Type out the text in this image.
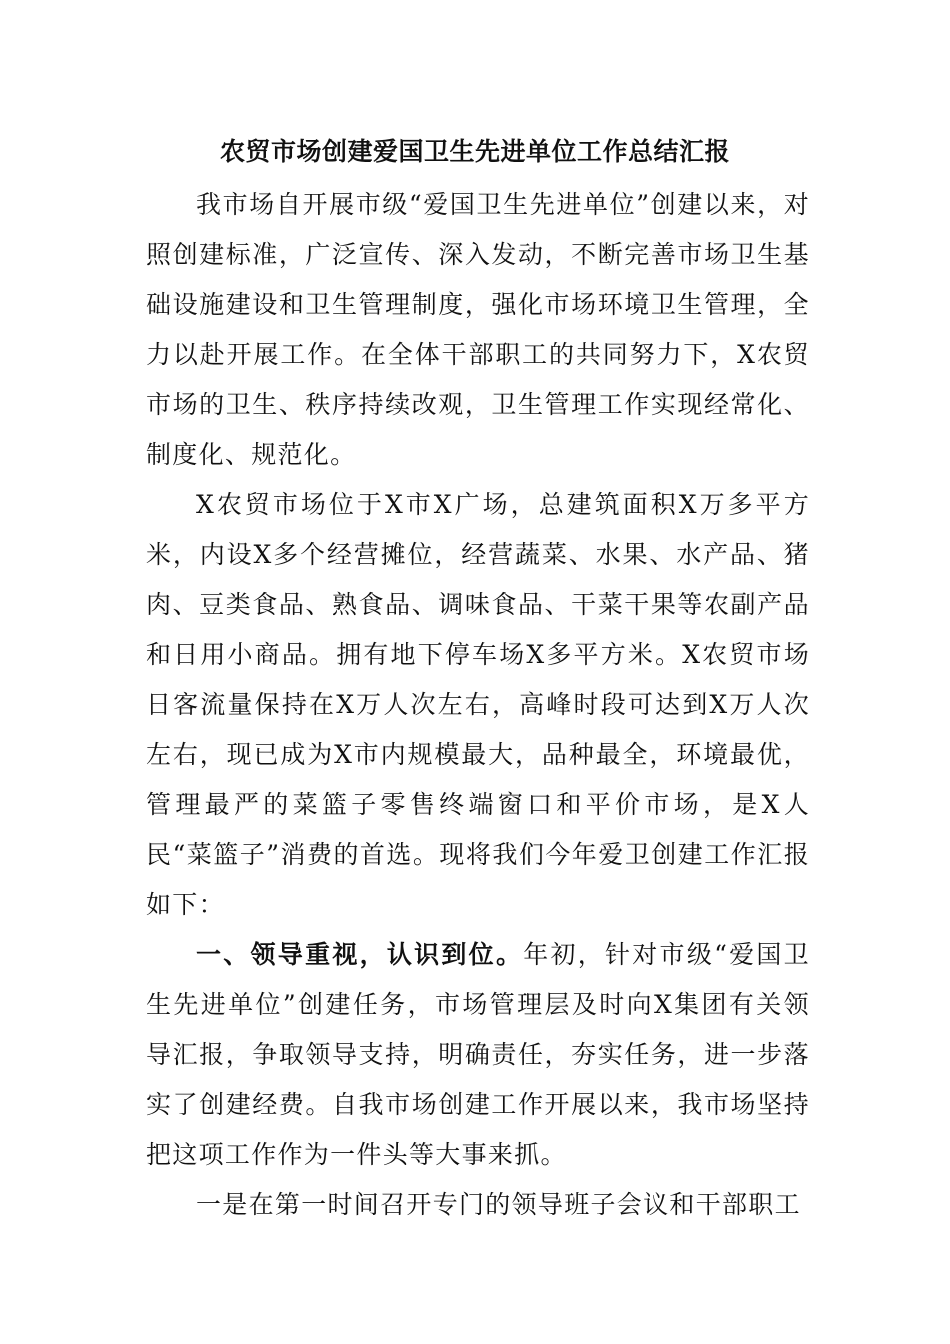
农贸市场创建爱国卫生先进单位工作总结汇报

我市场自开展市级“爱国卫生先进单位”创建以来，对照创建标准，广泛宣传、深入发动，不断完善市场卫生基础设施建设和卫生管理制度，强化市场环境卫生管理，全力以赴开展工作。在全体干部职工的共同努力下，X农贸市场的卫生、秩序持续改观，卫生管理工作实现经常化、制度化、规范化。

X农贸市场位于X市X广场，总建筑面积X万多平方米，内设X多个经营摊位，经营蔬菜、水果、水产品、猪肉、豆类食品、熟食品、调味食品、干菜干果等农副产品和日用小商品。拥有地下停车场X多平方米。X农贸市场日客流量保持在X万人次左右，高峰时段可达到X万人次左右，现已成为X市内规模最大，品种最全，环境最优，管理最严的菜篮子零售终端窗口和平价市场，是X人民“菜篮子”消费的首选。现将我们今年爱卫创建工作汇报如下：

一、领导重视，认识到位。年初，针对市级“爱国卫生先进单位”创建任务，市场管理层及时向X集团有关领导汇报，争取领导支持，明确责任，夯实任务，进一步落实了创建经费。自我市场创建工作开展以来，我市场坚持把这项工作作为一件头等大事来抓。

一是在第一时间召开专门的领导班子会议和干部职工
